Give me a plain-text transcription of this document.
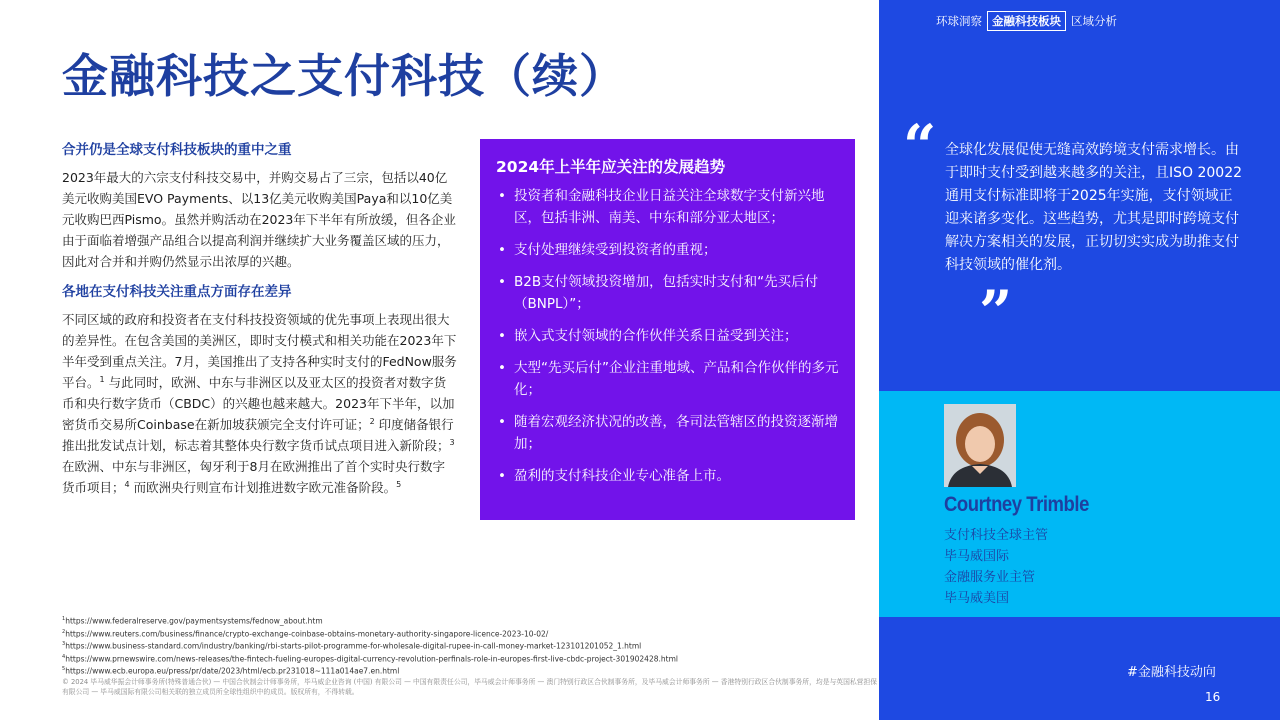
金融科技之支付科技（续）
合并仍是全球支付科技板块的重中之重
2023年最大的六宗支付科技交易中，并购交易占了三宗，包括以40亿美元收购美国EVO Payments、以13亿美元收购美国Paya和以10亿美元收购巴西Pismo。虽然并购活动在2023年下半年有所放缓，但各企业由于面临着增强产品组合以提高利润并继续扩大业务覆盖区域的压力，因此对合并和并购仍然显示出浓厚的兴趣。
各地在支付科技关注重点方面存在差异
不同区域的政府和投资者在支付科技投资领域的优先事项上表现出很大的差异性。在包含美国的美洲区，即时支付模式和相关功能在2023年下半年受到重点关注。7月，美国推出了支持各种实时支付的FedNow服务平台。$^1$ 与此同时，欧洲、中东与非洲区以及亚太区的投资者对数字货币和央行数字货币（CBDC）的兴趣也越来越大。2023年下半年，以加密货币交易所Coinbase在新加坡获颁完全支付许可证；$^2$ 印度储备银行推出批发试点计划，标志着其整体央行数字货币试点项目进入新阶段；$^3$ 在欧洲、中东与非洲区，匈牙利于8月在欧洲推出了首个实时央行数字货币项目；$^4$ 而欧洲央行则宣布计划推进数字欧元准备阶段。$^5$
2024年上半年应关注的发展趋势
• 投资者和金融科技企业日益关注全球数字支付新兴地区，包括非洲、南美、中东和部分亚太地区；
• 支付处理继续受到投资者的重视；
• B2B支付领域投资增加，包括实时支付和“先买后付（BNPL）”；
• 嵌入式支付领域的合作伙伴关系日益受到关注；
• 大型“先买后付”企业注重地域、产品和合作伙伴的多元化；
• 随着宏观经济状况的改善，各司法管辖区的投资逐渐增加；
• 盈利的支付科技企业专心准备上市。
$^1$https://www.federalreserve.gov/paymentsystems/fednow_about.htm
$^2$https://www.reuters.com/business/finance/crypto-exchange-coinbase-obtains-monetary-authority-singapore-licence-2023-10-02/
$^3$https://www.business-standard.com/industry/banking/rbi-starts-pilot-programme-for-wholesale-digital-rupee-in-call-money-market-123101201052_1.html
$^4$https://www.prnewswire.com/news-releases/the-fintech-fueling-europes-digital-currency-revolution-perfinals-role-in-europes-first-live-cbdc-project-301902428.html
$^5$https://www.ecb.europa.eu/press/pr/date/2023/html/ecb.pr231018~111a014ae7.en.html
© 2024 毕马威华振会计师事务所(特殊普通合伙) — 中国合伙制会计师事务所，毕马威企业咨询 (中国) 有限公司 — 中国有限责任公司，毕马威会计师事务所 — 澳门特别行政区合伙制事务所，及毕马威会计师事务所 — 香港特别行政区合伙制事务所，均是与英国私营担保有限公司 — 毕马威国际有限公司相关联的独立成员所全球性组织中的成员。版权所有，不得转载。
环球洞察 金融科技板块 区域分析
“ 全球化发展促使无缝高效跨境支付需求增长。由于即时支付受到越来越多的关注，且ISO 20022通用支付标准即将于2025年实施，支付领域正迎来诸多变化。这些趋势，尤其是即时跨境支付解决方案相关的发展，正切切实实成为助推支付科技领域的催化剂。
”
Courtney Trimble
支付科技全球主管
毕马威国际
金融服务业主管
毕马威美国
#金融科技动向
16
